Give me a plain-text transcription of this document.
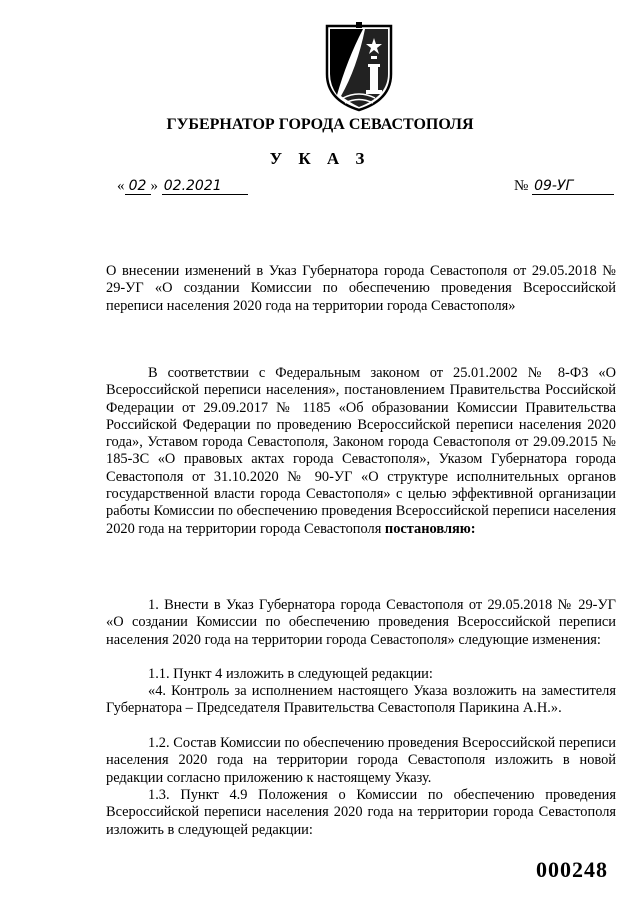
ГУБЕРНАТОР ГОРОДА СЕВАСТОПОЛЯ
У К А З
« 02 » 02.2021	№ 09-УГ
О внесении изменений в Указ Губернатора города Севастополя от 29.05.2018 № 29-УГ «О создании Комиссии по обеспечению проведения Всероссийской переписи населения 2020 года на территории города Севастополя»
В соответствии с Федеральным законом от 25.01.2002 № 8-ФЗ «О Всероссийской переписи населения», постановлением Правительства Российской Федерации от 29.09.2017 № 1185 «Об образовании Комиссии Правительства Российской Федерации по проведению Всероссийской переписи населения 2020 года», Уставом города Севастополя, Законом города Севастополя от 29.09.2015 № 185-ЗС «О правовых актах города Севастополя», Указом Губернатора города Севастополя от 31.10.2020 № 90-УГ «О структуре исполнительных органов государственной власти города Севастополя» с целью эффективной организации работы Комиссии по обеспечению проведения Всероссийской переписи населения 2020 года на территории города Севастополя постановляю:
1. Внести в Указ Губернатора города Севастополя от 29.05.2018 № 29-УГ «О создании Комиссии по обеспечению проведения Всероссийской переписи населения 2020 года на территории города Севастополя» следующие изменения:
1.1. Пункт 4 изложить в следующей редакции:
«4. Контроль за исполнением настоящего Указа возложить на заместителя Губернатора – Председателя Правительства Севастополя Парикина А.Н.».
1.2. Состав Комиссии по обеспечению проведения Всероссийской переписи населения 2020 года на территории города Севастополя изложить в новой редакции согласно приложению к настоящему Указу.
1.3. Пункт 4.9 Положения о Комиссии по обеспечению проведения Всероссийской переписи населения 2020 года на территории города Севастополя изложить в следующей редакции:
000248
